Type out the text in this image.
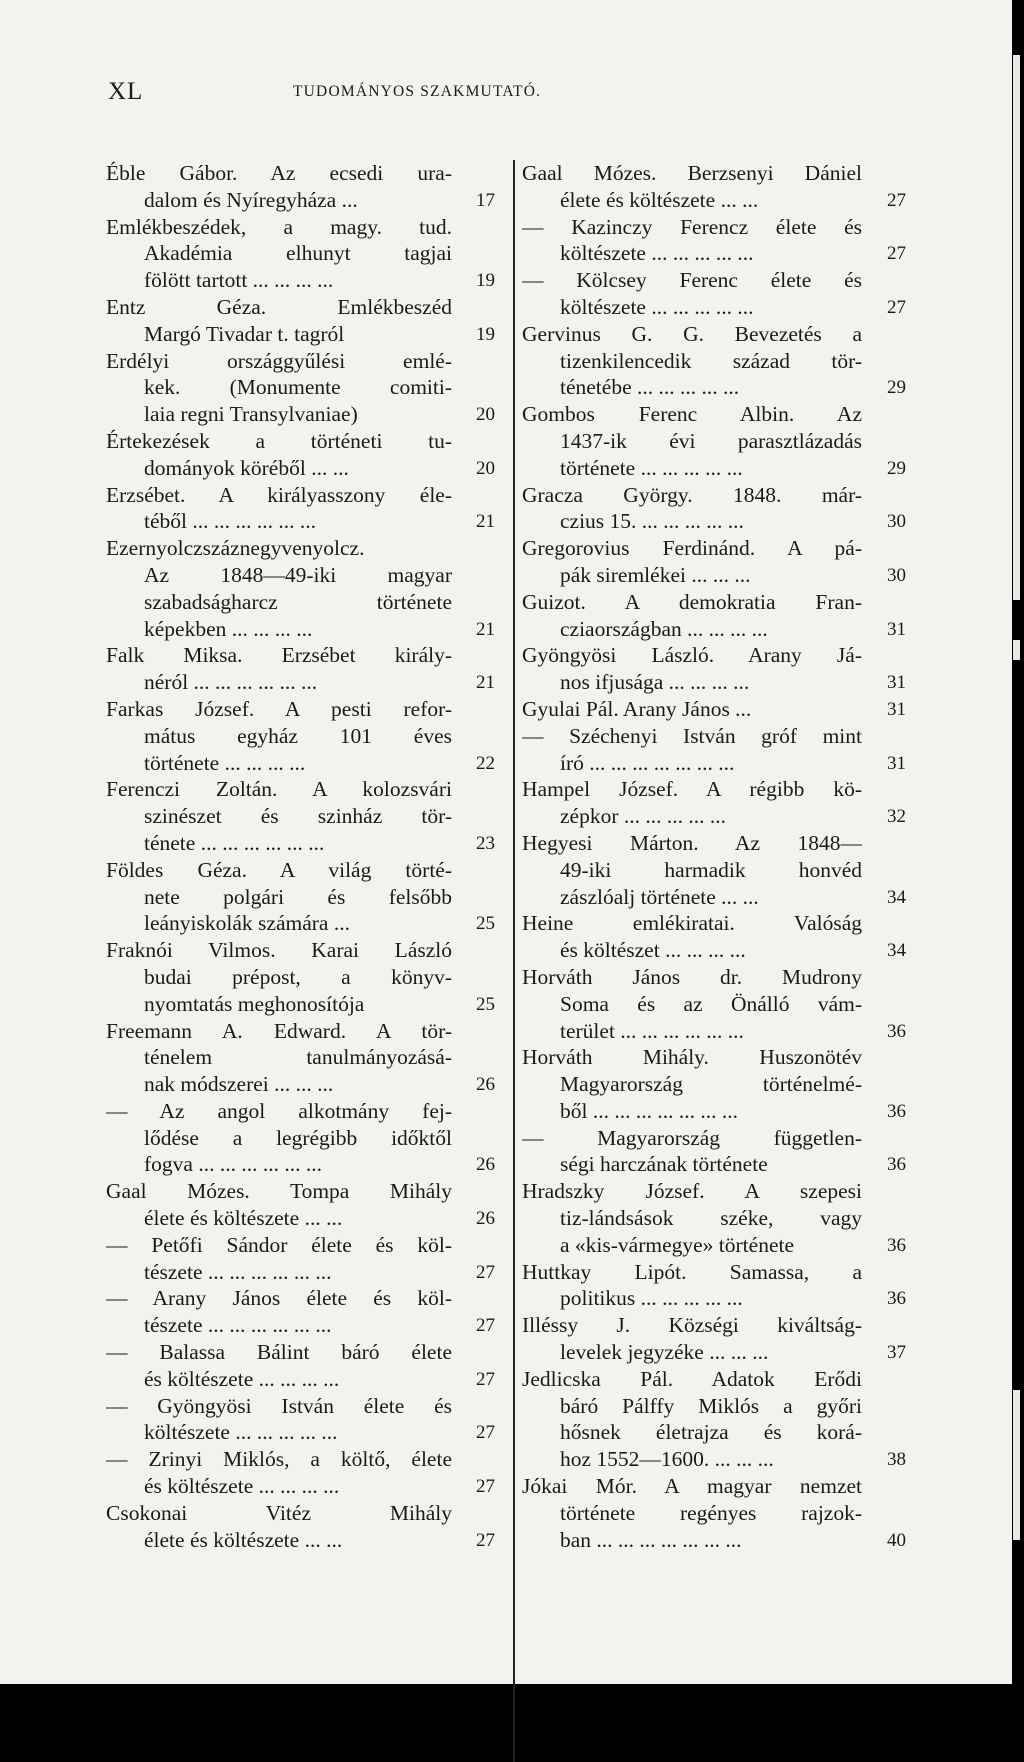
XL	TUDOMÁNYOS SZAKMUTATÓ.
Éble Gábor. Az ecsedi ura-
dalom és Nyíregyháza ...	17
Emlékbeszédek, a magy. tud.
Akadémia elhunyt tagjai
fölött tartott ... ... ... ...	19
Entz Géza. Emlékbeszéd
Margó Tivadar t. tagról	19
Erdélyi országgyűlési emlé-
kek. (Monumente comiti-
laia regni Transylvaniae)	20
Értekezések a történeti tu-
dományok köréből ... ...	20
Erzsébet. A királyasszony éle-
téből ... ... ... ... ... ...	21
Ezernyolczszáznegyvenyolcz.
Az 1848—49-iki magyar
szabadságharcz története
képekben ... ... ... ...	21
Falk Miksa. Erzsébet király-
néról ... ... ... ... ... ...	21
Farkas József. A pesti refor-
mátus egyház 101 éves
története ... ... ... ...	22
Ferenczi Zoltán. A kolozsvári
szinészet és szinház tör-
ténete ... ... ... ... ... ...	23
Földes Géza. A világ törté-
nete polgári és felsőbb
leányiskolák számára ...	25
Fraknói Vilmos. Karai László
budai prépost, a könyv-
nyomtatás meghonosítója	25
Freemann A. Edward. A tör-
ténelem tanulmányozásá-
nak módszerei ... ... ...	26
— Az angol alkotmány fej-
lődése a legrégibb időktől
fogva ... ... ... ... ... ...	26
Gaal Mózes. Tompa Mihály
élete és költészete ... ...	26
— Petőfi Sándor élete és köl-
tészete ... ... ... ... ... ...	27
— Arany János élete és köl-
tészete ... ... ... ... ... ...	27
— Balassa Bálint báró élete
és költészete ... ... ... ...	27
— Gyöngyösi István élete és
költészete ... ... ... ... ...	27
— Zrinyi Miklós, a költő, élete
és költészete ... ... ... ...	27
Csokonai Vitéz Mihály
élete és költészete ... ...	27
Gaal Mózes. Berzsenyi Dániel
élete és költészete ... ...	27
— Kazinczy Ferencz élete és
költészete ... ... ... ... ...	27
— Kölcsey Ferenc élete és
költészete ... ... ... ... ...	27
Gervinus G. G. Bevezetés a
tizenkilencedik század tör-
ténetébe ... ... ... ... ...	29
Gombos Ferenc Albin. Az
1437-ik évi parasztlázadás
története ... ... ... ... ...	29
Gracza György. 1848. már-
czius 15. ... ... ... ... ...	30
Gregorovius Ferdinánd. A pá-
pák siremlékei ... ... ...	30
Guizot. A demokratia Fran-
cziaországban ... ... ... ...	31
Gyöngyösi László. Arany Já-
nos ifjusága ... ... ... ...	31
Gyulai Pál. Arany János ...	31
— Széchenyi István gróf mint
író ... ... ... ... ... ... ...	31
Hampel József. A régibb kö-
zépkor ... ... ... ... ...	32
Hegyesi Márton. Az 1848—
49-iki harmadik honvéd
zászlóalj története ... ...	34
Heine emlékiratai. Valóság
és költészet ... ... ... ...	34
Horváth János dr. Mudrony
Soma és az Önálló vám-
terület ... ... ... ... ... ...	36
Horváth Mihály. Huszonötév
Magyarország történelmé-
ből ... ... ... ... ... ... ...	36
— Magyarország független-
ségi harczának története	36
Hradszky József. A szepesi
tiz-lándsások széke, vagy
a «kis-vármegye» története	36
Huttkay Lipót. Samassa, a
politikus ... ... ... ... ...	36
Illéssy J. Községi kiváltság-
levelek jegyzéke ... ... ...	37
Jedlicska Pál. Adatok Erődi
báró Pálffy Miklós a győri
hősnek életrajza és korá-
hoz 1552—1600. ... ... ...	38
Jókai Mór. A magyar nemzet
története regényes rajzok-
ban ... ... ... ... ... ... ...	40
